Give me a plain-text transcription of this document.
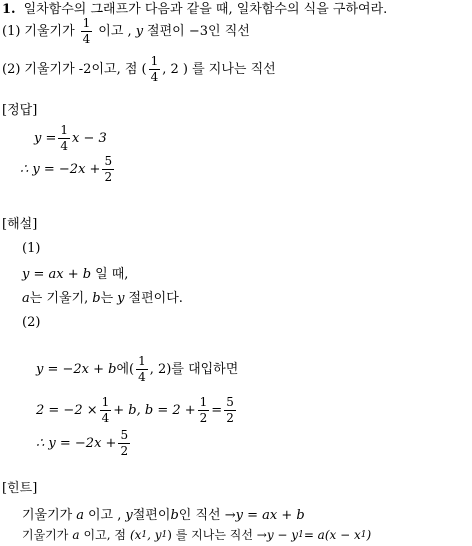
1. 일차함수의 그래프가 다음과 같을 때, 일차함수의 식을 구하여라.
(1) 기울기가 $\frac{1}{4}$ 이고 , y 절편이 −3인 직선
(2) 기울기가 -2이고, 점 ( $\frac{1}{4}$ , 2 ) 를 지나는 직선
[정답]
$y = \frac{1}{4}$ x − 3
∴ $y = -2x + \frac{5}{2}$
[해설]
(1)
y = ax + b 일 때,
a 는 기울기, b 는 y 절편이다.
(2)
y = −2x + b 에( $\frac{1}{4}$ , 2)를 대입하면
$2 = -2 \times \frac{1}{4} + b$, $b = 2 + \frac{1}{2} = \frac{5}{2}$
∴ $y = -2x + \frac{5}{2}$
[힌트]
기울기가 a 이고 , y 절편이 b 인 직선 → y = ax + b
기울기가 a 이고, 점 (x 1 , y 1 ) 를 지나는 직선 → y − y 1 = a(x − x 1 )
